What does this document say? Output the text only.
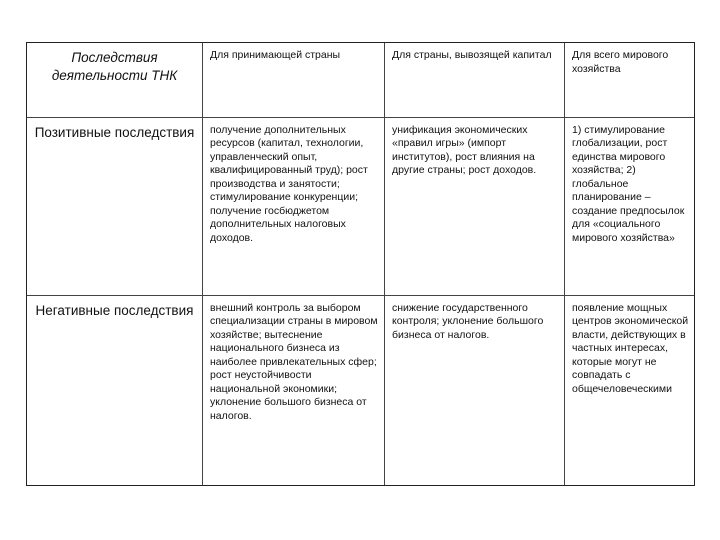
Последствия деятельности ТНК	Для принимающей страны	Для страны, вывозящей капитал	Для всего мирового хозяйства
Позитивные последствия	получение дополнительных ресурсов (капитал, технологии, управленческий опыт, квалифицированный труд); рост производства и занятости; стимулирование конкуренции; получение госбюджетом дополнительных налоговых доходов.	унификация экономических «правил игры» (импорт институтов), рост влияния на другие страны; рост доходов.	1) стимулирование глобализации, рост единства мирового хозяйства; 2) глобальное планирование – создание предпосылок для «социального мирового хозяйства»
Негативные последствия	внешний контроль за выбором специализации страны в мировом хозяйстве; вытеснение национального бизнеса из наиболее привлекательных сфер; рост неустойчивости национальной экономики; уклонение большого бизнеса от налогов.	снижение государственного контроля; уклонение большого бизнеса от налогов.	появление мощных центров экономической власти, действующих в частных интересах, которые могут не совпадать с общечеловеческими
